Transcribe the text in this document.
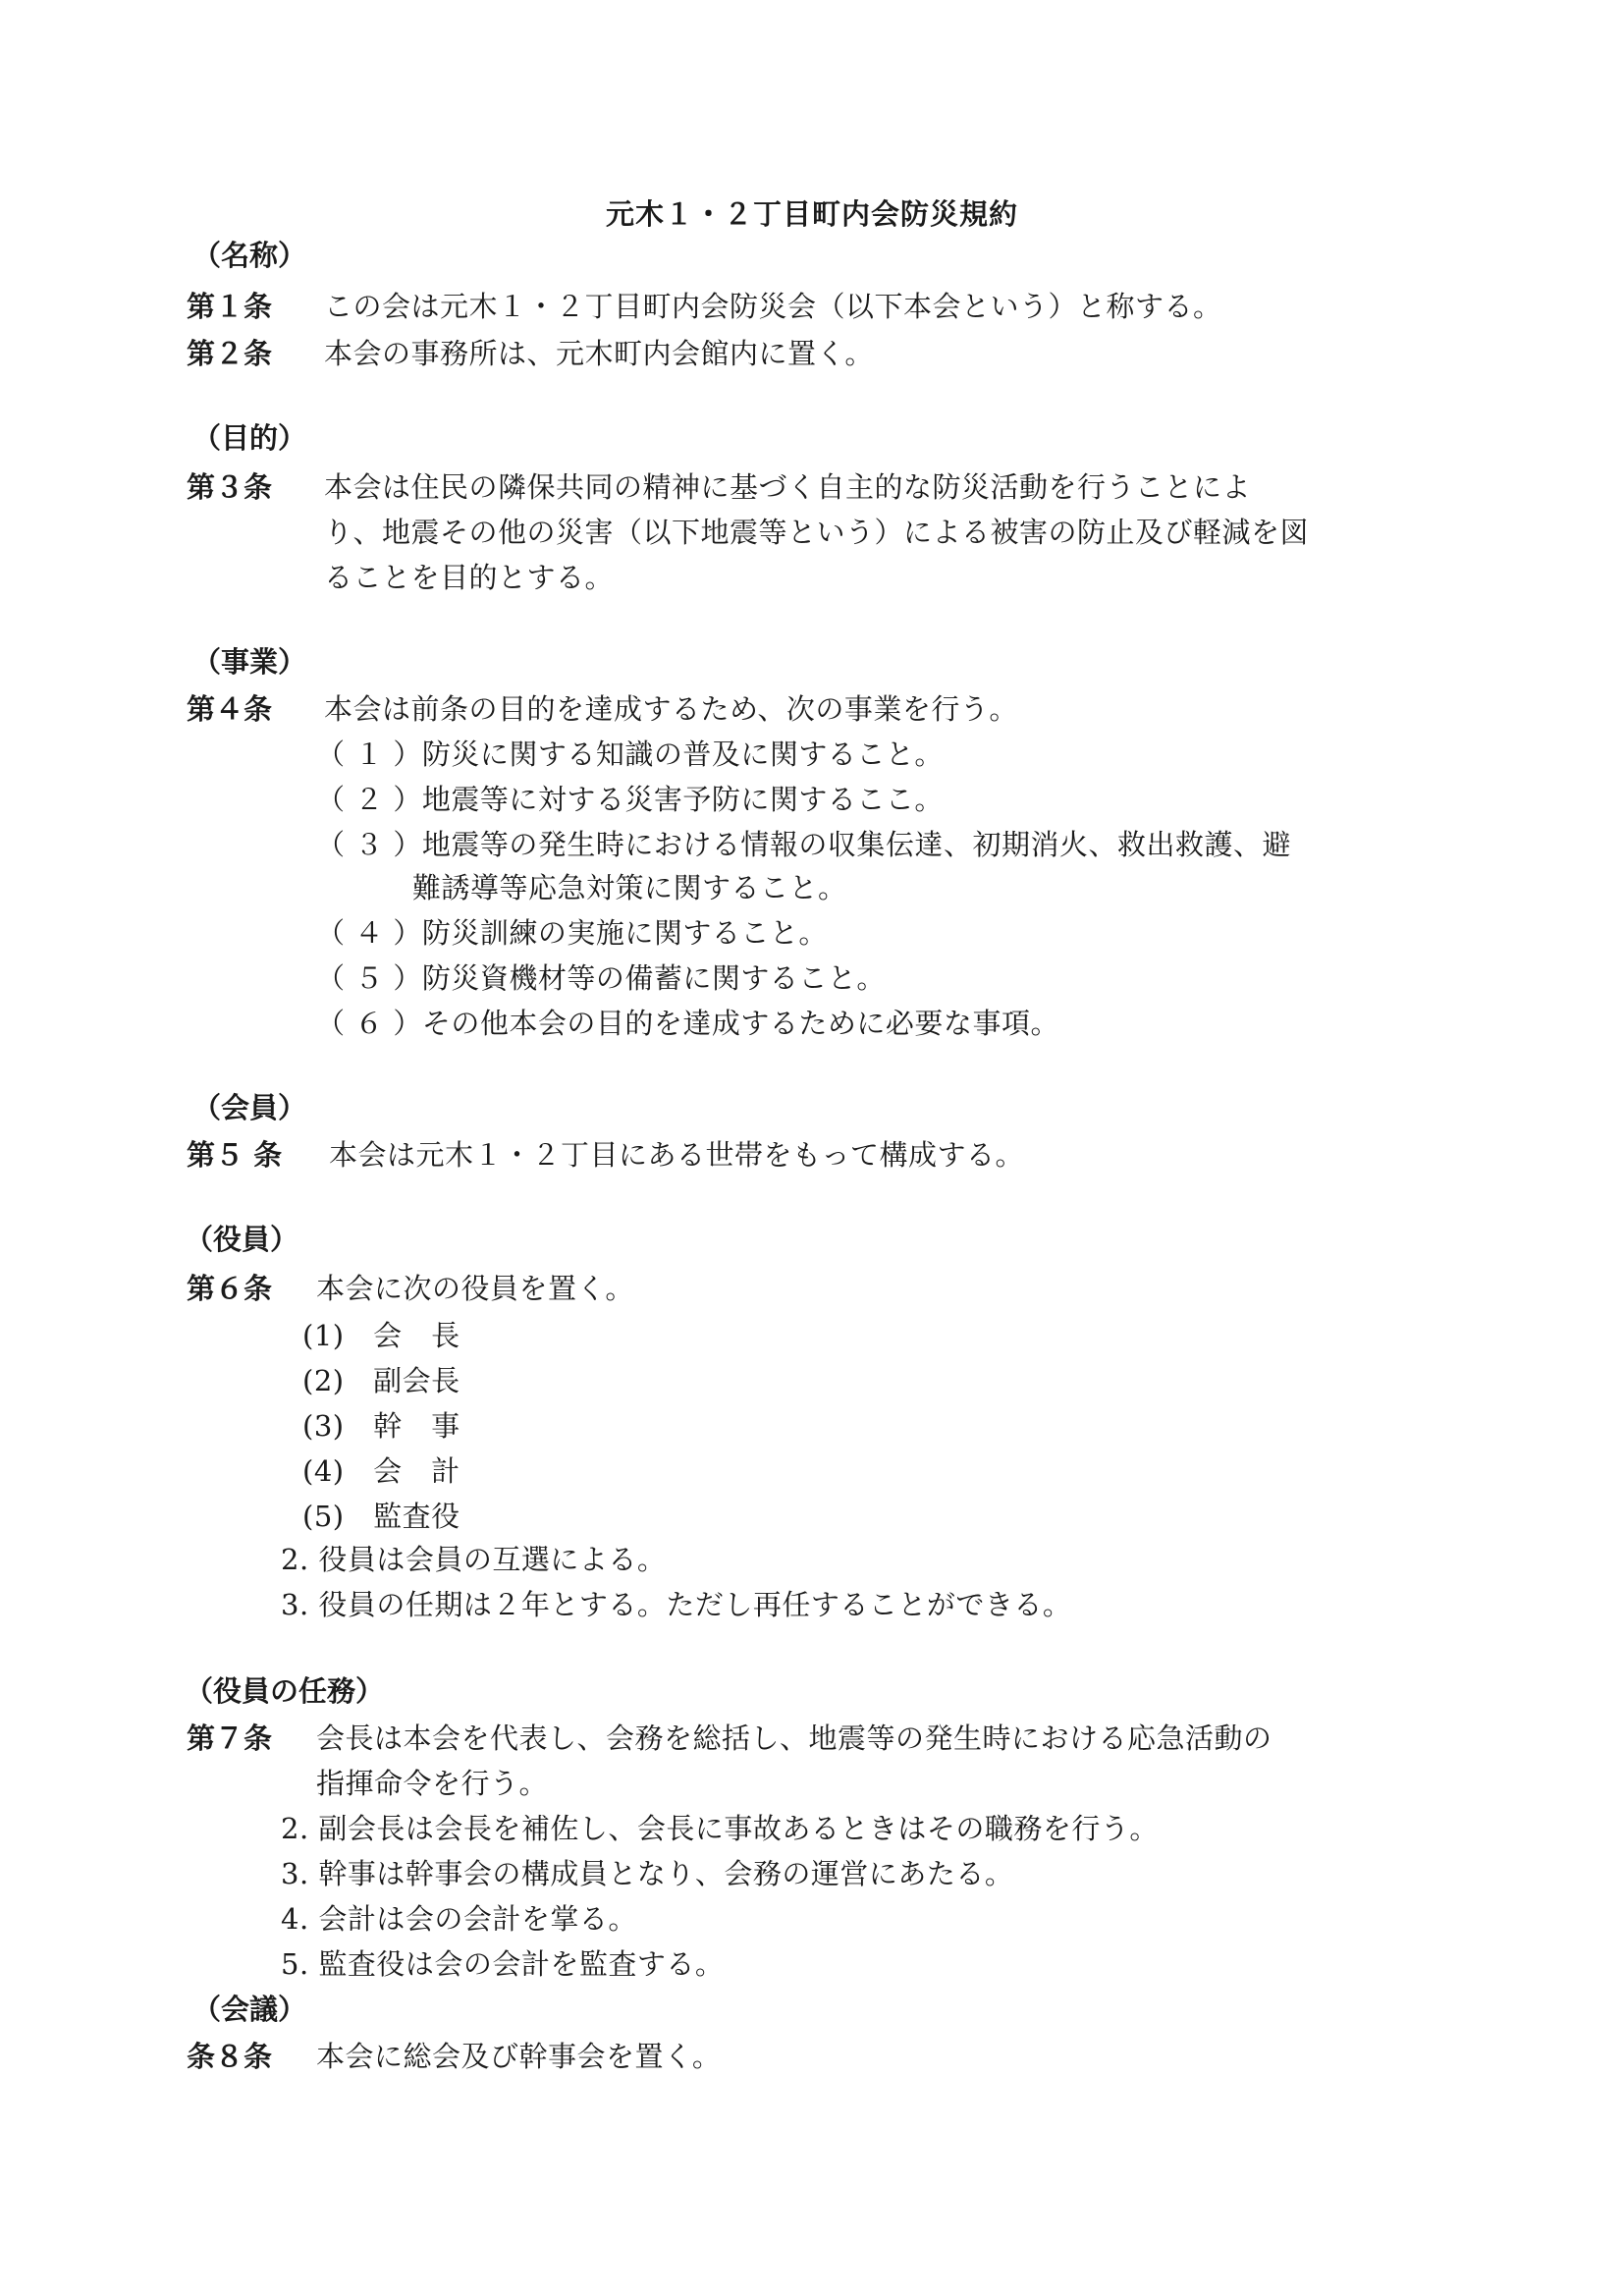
元木１・２丁目町内会防災規約
（名称）
第１条 この会は元木１・２丁目町内会防災会（以下本会という）と称する。
第２条 本会の事務所は、元木町内会館内に置く。
（目的）
第３条 本会は住民の隣保共同の精神に基づく自主的な防災活動を行うことによ
り、地震その他の災害（以下地震等という）による被害の防止及び軽減を図
ることを目的とする。
（事業）
第４条 本会は前条の目的を達成するため、次の事業を行う。
（ １ ）防災に関する知識の普及に関すること。
（ ２ ）地震等に対する災害予防に関するここ。
（ ３ ）地震等の発生時における情報の収集伝達、初期消火、救出救護、避
難誘導等応急対策に関すること。
（ ４ ）防災訓練の実施に関すること。
（ ５ ）防災資機材等の備蓄に関すること。
（ ６ ）その他本会の目的を達成するために必要な事項。
（会員）
第５ 条 本会は元木１・２丁目にある世帯をもって構成する。
（役員）
第６条 本会に次の役員を置く。
(1)　会　長
(2)　副会長
(3)　幹　事
(4)　会　計
(5)　監査役
2. 役員は会員の互選による。
3. 役員の任期は２年とする。ただし再任することができる。
（役員の任務）
第７条 会長は本会を代表し、会務を総括し、地震等の発生時における応急活動の
指揮命令を行う。
2. 副会長は会長を補佐し、会長に事故あるときはその職務を行う。
3. 幹事は幹事会の構成員となり、会務の運営にあたる。
4. 会計は会の会計を掌る。
5. 監査役は会の会計を監査する。
（会議）
条８条 本会に総会及び幹事会を置く。
